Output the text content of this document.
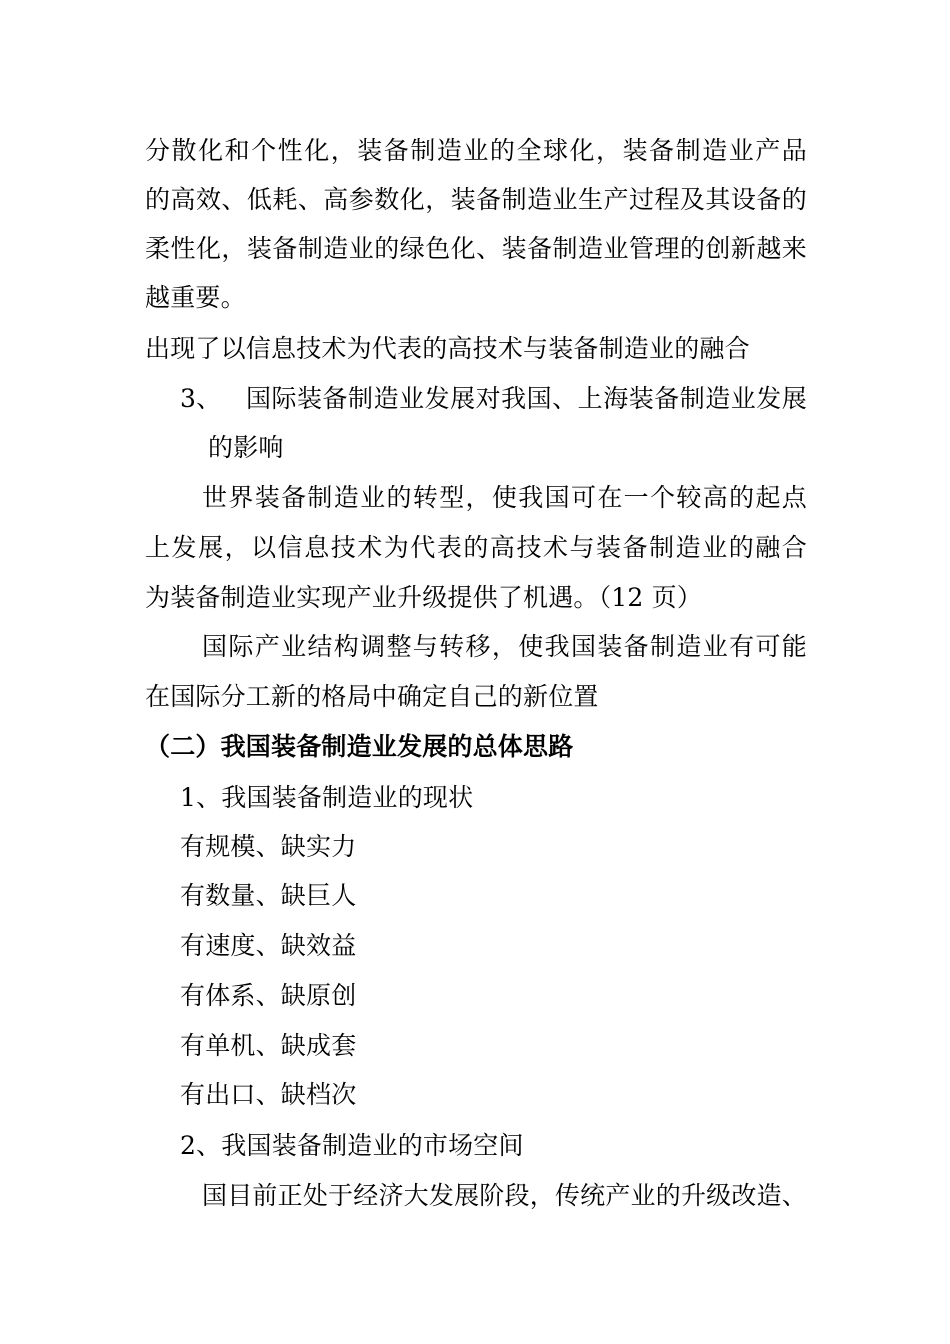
分散化和个性化，装备制造业的全球化，装备制造业产品
的高效、低耗、高参数化，装备制造业生产过程及其设备的
柔性化，装备制造业的绿色化、装备制造业管理的创新越来
越重要。
出现了以信息技术为代表的高技术与装备制造业的融合
3、 国际装备制造业发展对我国、上海装备制造业发展
的影响
世界装备制造业的转型，使我国可在一个较高的起点
上发展，以信息技术为代表的高技术与装备制造业的融合
为装备制造业实现产业升级提供了机遇。（12 页）
国际产业结构调整与转移，使我国装备制造业有可能
在国际分工新的格局中确定自己的新位置
（二）我国装备制造业发展的总体思路
1、我国装备制造业的现状
有规模、缺实力
有数量、缺巨人
有速度、缺效益
有体系、缺原创
有单机、缺成套
有出口、缺档次
2、我国装备制造业的市场空间
国目前正处于经济大发展阶段，传统产业的升级改造、
